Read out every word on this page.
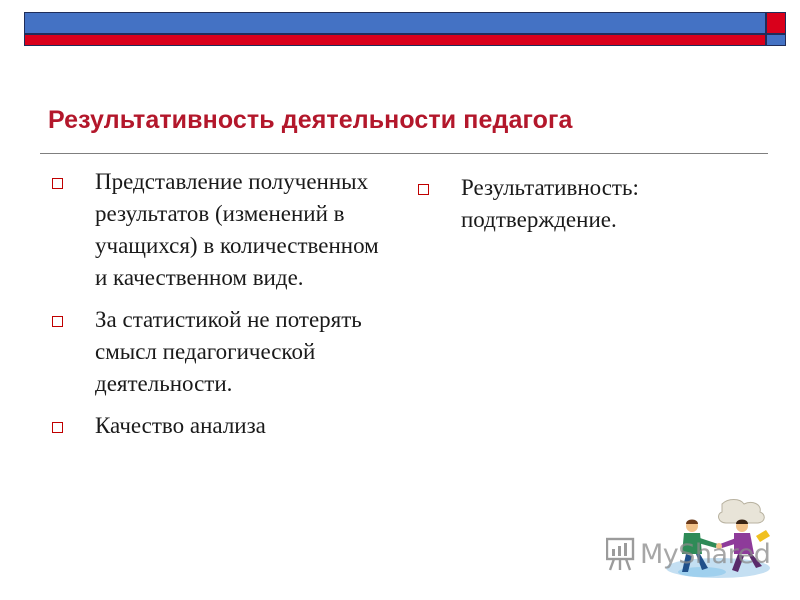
Результативность деятельности педагога
Представление полученных результатов (изменений в учащихся) в количественном и качественном виде.
За статистикой не потерять смысл педагогической деятельности.
Качество анализа
Результативность: подтверждение.
MyShared
